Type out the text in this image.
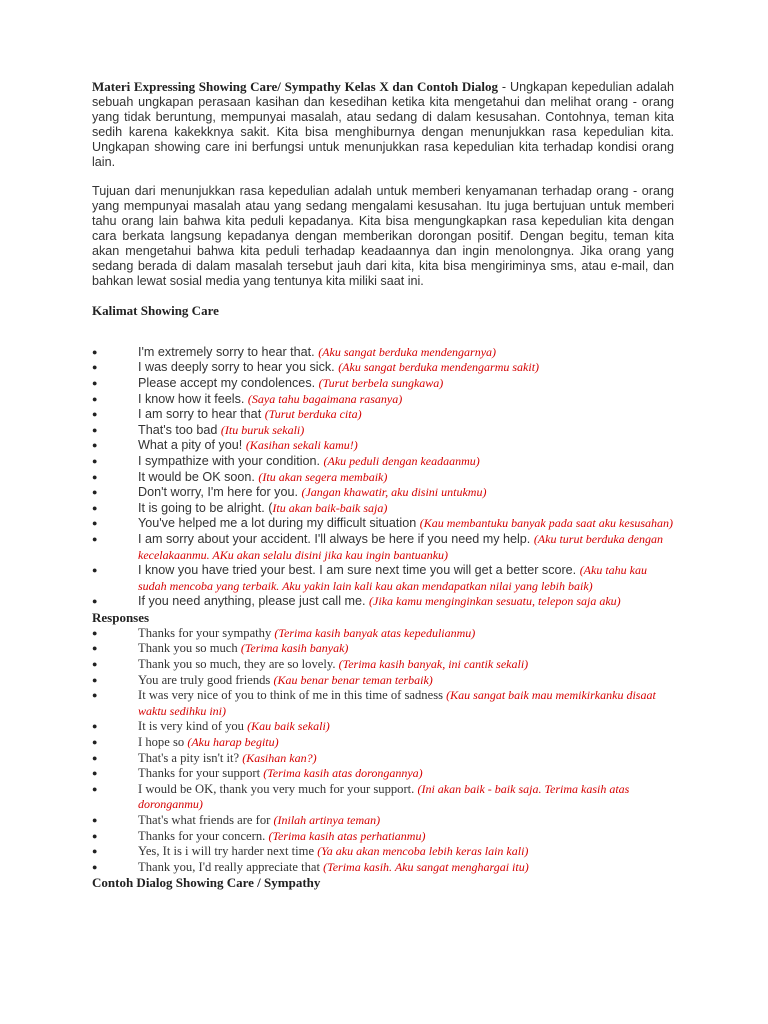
Materi Expressing Showing Care/ Sympathy Kelas X dan Contoh Dialog - Ungkapan kepedulian adalah sebuah ungkapan perasaan kasihan dan kesedihan ketika kita mengetahui dan melihat orang - orang yang tidak beruntung, mempunyai masalah, atau sedang di dalam kesusahan. Contohnya, teman kita sedih karena kakekknya sakit. Kita bisa menghiburnya dengan menunjukkan rasa kepedulian kita. Ungkapan showing care ini berfungsi untuk menunjukkan rasa kepedulian kita terhadap kondisi orang lain.

Tujuan dari menunjukkan rasa kepedulian adalah untuk memberi kenyamanan terhadap orang - orang yang mempunyai masalah atau yang sedang mengalami kesusahan. Itu juga bertujuan untuk memberi tahu orang lain bahwa kita peduli kepadanya. Kita bisa mengungkapkan rasa kepedulian kita dengan cara berkata langsung kepadanya dengan memberikan dorongan positif. Dengan begitu, teman kita akan mengetahui bahwa kita peduli terhadap keadaannya dan ingin menolongnya. Jika orang yang sedang berada di dalam masalah tersebut jauh dari kita, kita bisa mengiriminya sms, atau e-mail, dan bahkan lewat sosial media yang tentunya kita miliki saat ini.

Kalimat Showing Care

●	I'm extremely sorry to hear that. (Aku sangat berduka mendengarnya)
●	I was deeply sorry to hear you sick. (Aku sangat berduka mendengarmu sakit)
●	Please accept my condolences. (Turut berbela sungkawa)
●	I know how it feels. (Saya tahu bagaimana rasanya)
●	I am sorry to hear that (Turut berduka cita)
●	That's too bad (Itu buruk sekali)
●	What a pity of you! (Kasihan sekali kamu!)
●	I sympathize with your condition. (Aku peduli dengan keadaanmu)
●	It would be OK soon. (Itu akan segera membaik)
●	Don't worry, I'm here for you. (Jangan khawatir, aku disini untukmu)
●	It is going to be alright. (Itu akan baik-baik saja)
●	You've helped me a lot during my difficult situation (Kau membantuku banyak pada saat aku kesusahan)
●	I am sorry about your accident. I'll always be here if you need my help. (Aku turut berduka dengan kecelakaanmu. AKu akan selalu disini jika kau ingin bantuanku)
●	I know you have tried your best. I am sure next time you will get a better score. (Aku tahu kau sudah mencoba yang terbaik. Aku yakin lain kali kau akan mendapatkan nilai yang lebih baik)
●	If you need anything, please just call me. (Jika kamu menginginkan sesuatu, telepon saja aku)

Responses

●	Thanks for your sympathy (Terima kasih banyak atas kepedulianmu)
●	Thank you so much (Terima kasih banyak)
●	Thank you so much, they are so lovely. (Terima kasih banyak, ini cantik sekali)
●	You are truly good friends (Kau benar benar teman terbaik)
●	It was very nice of you to think of me in this time of sadness (Kau sangat baik mau memikirkanku disaat waktu sedihku ini)
●	It is very kind of you (Kau baik sekali)
●	I hope so (Aku harap begitu)
●	That's a pity isn't it? (Kasihan kan?)
●	Thanks for your support (Terima kasih atas dorongannya)
●	I would be OK, thank you very much for your support. (Ini akan baik - baik saja. Terima kasih atas doronganmu)
●	That's what friends are for (Inilah artinya teman)
●	Thanks for your concern. (Terima kasih atas perhatianmu)
●	Yes, It is i will try harder next time (Ya aku akan mencoba lebih keras lain kali)
●	Thank you, I'd really appreciate that (Terima kasih. Aku sangat menghargai itu)

Contoh Dialog Showing Care / Sympathy
